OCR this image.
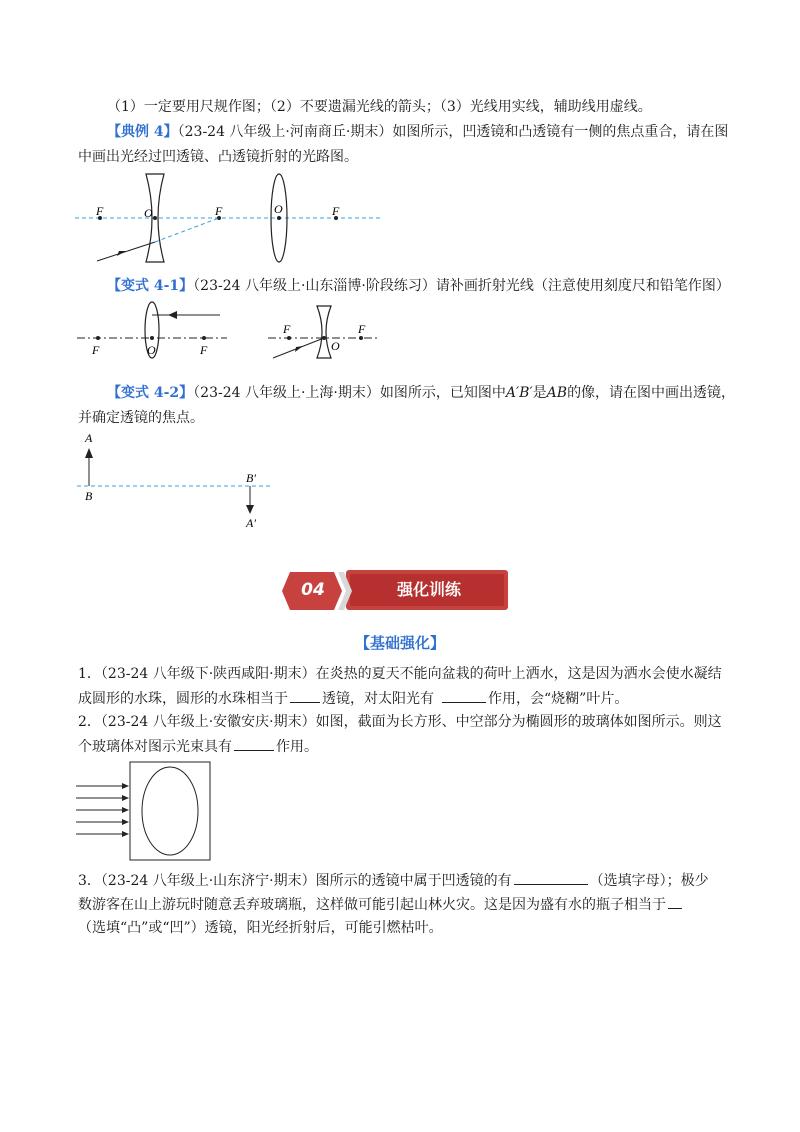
（1）一定要用尺规作图；（2）不要遗漏光线的箭头；（3）光线用实线，辅助线用虚线。
【典例 4】（23-24 八年级上·河南商丘·期末）如图所示，凹透镜和凸透镜有一侧的焦点重合，请在图
中画出光经过凹透镜、凸透镜折射的光路图。
F	O	F	O	F
【变式 4-1】（23-24 八年级上·山东淄博·阶段练习）请补画折射光线（注意使用刻度尺和铅笔作图）
F	O	F
F
O
F
【变式 4-2】（23-24 八年级上·上海·期末）如图所示，已知图中A′B′是AB的像，请在图中画出透镜，
并确定透镜的焦点。
A
B
B′
A′
04	强化训练
【基础强化】
1．（23-24 八年级下·陕西咸阳·期末）在炎热的夏天不能向盆栽的荷叶上洒水，这是因为洒水会使水凝结
成圆形的水珠，圆形的水珠相当于 透镜，对太阳光有	作用，会“烧糊”叶片。
2．（23-24 八年级上·安徽安庆·期末）如图，截面为长方形、中空部分为椭圆形的玻璃体如图所示。则这
个玻璃体对图示光束具有	作用。
3．（23-24 八年级上·山东济宁·期末）图所示的透镜中属于凹透镜的有	（选填字母）；极少
数游客在山上游玩时随意丢弃玻璃瓶，这样做可能引起山林火灾。这是因为盛有水的瓶子相当于
（选填“凸”或“凹”）透镜，阳光经折射后，可能引燃枯叶。
